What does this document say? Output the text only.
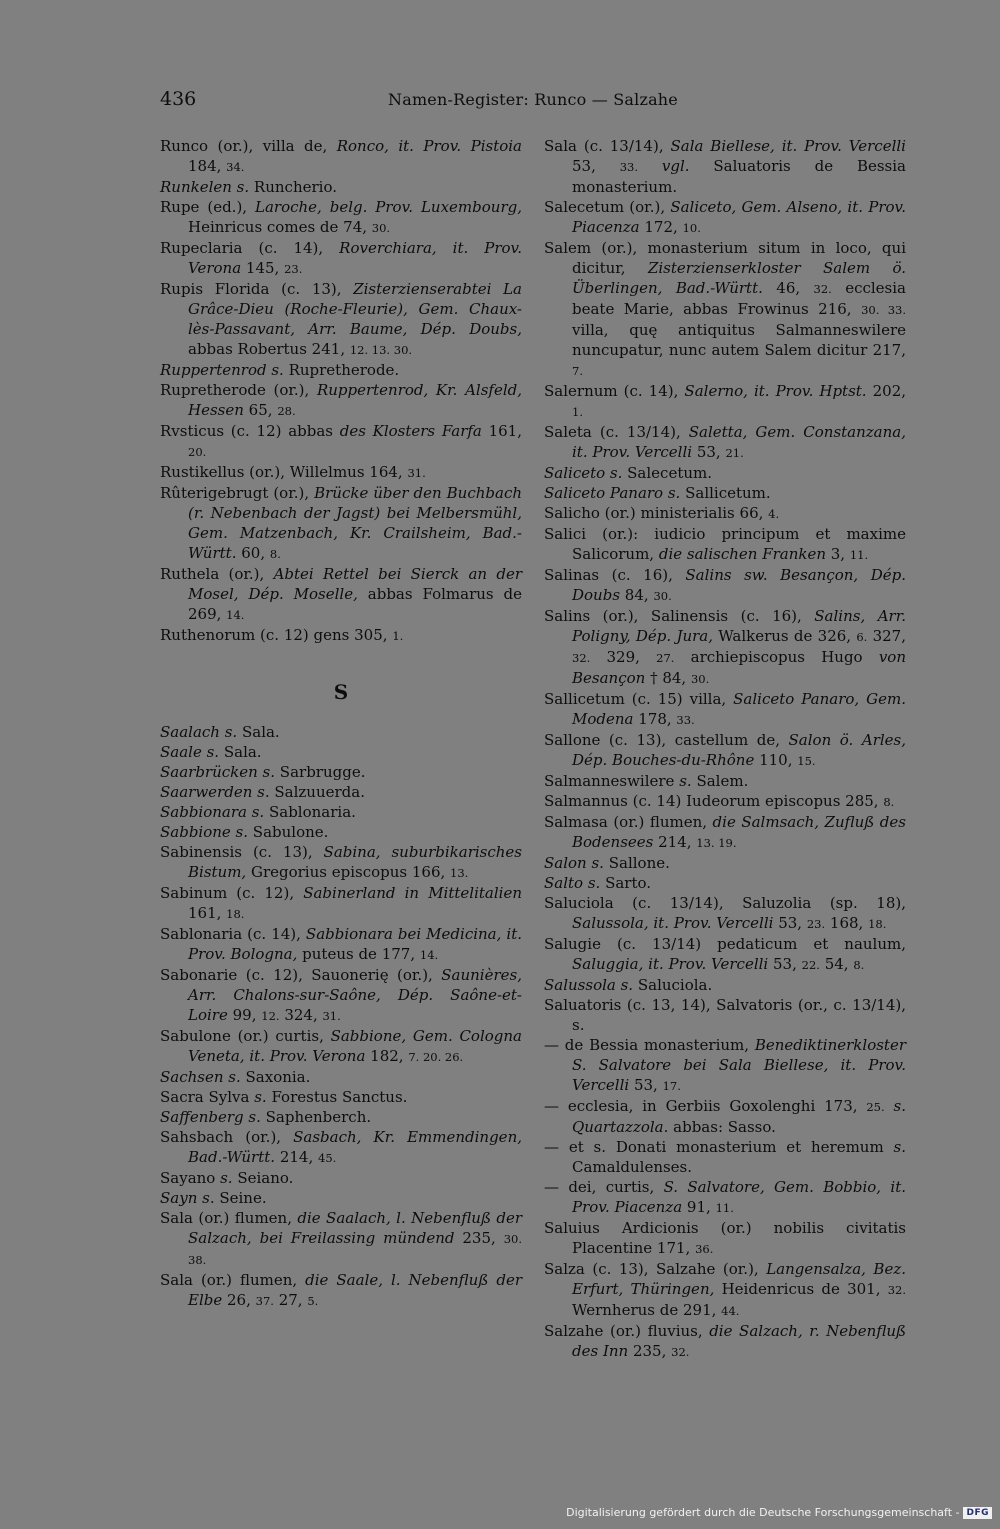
436	Namen-Register: Runco — Salzahe

Runco (or.), villa de, Ronco, it. Prov. Pistoia 184, 34.

Runkelen s. Runcherio.

Rupe (ed.), Laroche, belg. Prov. Luxembourg, Heinricus comes de 74, 30.

Rupeclaria (c. 14), Roverchiara, it. Prov. Verona 145, 23.

Rupis Florida (c. 13), Zisterzienserabtei La Grâce-Dieu (Roche-Fleurie), Gem. Chaux-lès-Passavant, Arr. Baume, Dép. Doubs, abbas Robertus 241, 12. 13. 30.

Ruppertenrod s. Rupretherode.

Rupretherode (or.), Ruppertenrod, Kr. Alsfeld, Hessen 65, 28.

Rvsticus (c. 12) abbas des Klosters Farfa 161, 20.

Rustikellus (or.), Willelmus 164, 31.

Rûterigebrugt (or.), Brücke über den Buchbach (r. Nebenbach der Jagst) bei Melbersmühl, Gem. Matzenbach, Kr. Crailsheim, Bad.-Württ. 60, 8.

Ruthela (or.), Abtei Rettel bei Sierck an der Mosel, Dép. Moselle, abbas Folmarus de 269, 14.

Ruthenorum (c. 12) gens 305, 1.

S

Saalach s. Sala.

Saale s. Sala.

Saarbrücken s. Sarbrugge.

Saarwerden s. Salzuuerda.

Sabbionara s. Sablonaria.

Sabbione s. Sabulone.

Sabinensis (c. 13), Sabina, suburbikarisches Bistum, Gregorius episcopus 166, 13.

Sabinum (c. 12), Sabinerland in Mittelitalien 161, 18.

Sablonaria (c. 14), Sabbionara bei Medicina, it. Prov. Bologna, puteus de 177, 14.

Sabonarie (c. 12), Sauonerię (or.), Saunières, Arr. Chalons-sur-Saône, Dép. Saône-et-Loire 99, 12. 324, 31.

Sabulone (or.) curtis, Sabbione, Gem. Cologna Veneta, it. Prov. Verona 182, 7. 20. 26.

Sachsen s. Saxonia.

Sacra Sylva s. Forestus Sanctus.

Saffenberg s. Saphenberch.

Sahsbach (or.), Sasbach, Kr. Emmendingen, Bad.-Württ. 214, 45.

Sayano s. Seiano.

Sayn s. Seine.

Sala (or.) flumen, die Saalach, l. Nebenfluß der Salzach, bei Freilassing mündend 235, 30. 38.

Sala (or.) flumen, die Saale, l. Nebenfluß der Elbe 26, 37. 27, 5.

Sala (c. 13/14), Sala Biellese, it. Prov. Vercelli 53, 33. vgl. Saluatoris de Bessia monasterium.

Salecetum (or.), Saliceto, Gem. Alseno, it. Prov. Piacenza 172, 10.

Salem (or.), monasterium situm in loco, qui dicitur, Zisterzienserkloster Salem ö. Überlingen, Bad.-Württ. 46, 32. ecclesia beate Marie, abbas Frowinus 216, 30. 33. villa, quę antiquitus Salmanneswilere nuncupatur, nunc autem Salem dicitur 217, 7.

Salernum (c. 14), Salerno, it. Prov. Hptst. 202, 1.

Saleta (c. 13/14), Saletta, Gem. Constanzana, it. Prov. Vercelli 53, 21.

Saliceto s. Salecetum.

Saliceto Panaro s. Sallicetum.

Salicho (or.) ministerialis 66, 4.

Salici (or.): iudicio principum et maxime Salicorum, die salischen Franken 3, 11.

Salinas (c. 16), Salins sw. Besançon, Dép. Doubs 84, 30.

Salins (or.), Salinensis (c. 16), Salins, Arr. Poligny, Dép. Jura, Walkerus de 326, 6. 327, 32. 329, 27. archiepiscopus Hugo von Besançon † 84, 30.

Sallicetum (c. 15) villa, Saliceto Panaro, Gem. Modena 178, 33.

Sallone (c. 13), castellum de, Salon ö. Arles, Dép. Bouches-du-Rhône 110, 15.

Salmanneswilere s. Salem.

Salmannus (c. 14) Iudeorum episcopus 285, 8.

Salmasa (or.) flumen, die Salmsach, Zufluß des Bodensees 214, 13. 19.

Salon s. Sallone.

Salto s. Sarto.

Saluciola (c. 13/14), Saluzolia (sp. 18), Salussola, it. Prov. Vercelli 53, 23. 168, 18.

Salugie (c. 13/14) pedaticum et naulum, Saluggia, it. Prov. Vercelli 53, 22. 54, 8.

Salussola s. Saluciola.

Saluatoris (c. 13, 14), Salvatoris (or., c. 13/14), s.

— de Bessia monasterium, Benediktinerkloster S. Salvatore bei Sala Biellese, it. Prov. Vercelli 53, 17.

— ecclesia, in Gerbiis Goxolenghi 173, 25. s. Quartazzola. abbas: Sasso.

— et s. Donati monasterium et heremum s. Camaldulenses.

— dei, curtis, S. Salvatore, Gem. Bobbio, it. Prov. Piacenza 91, 11.

Saluius Ardicionis (or.) nobilis civitatis Placentine 171, 36.

Salza (c. 13), Salzahe (or.), Langensalza, Bez. Erfurt, Thüringen, Heidenricus de 301, 32. Wernherus de 291, 44.

Salzahe (or.) fluvius, die Salzach, r. Nebenfluß des Inn 235, 32.

Digitalisierung gefördert durch die Deutsche Forschungsgemeinschaft - DFG
